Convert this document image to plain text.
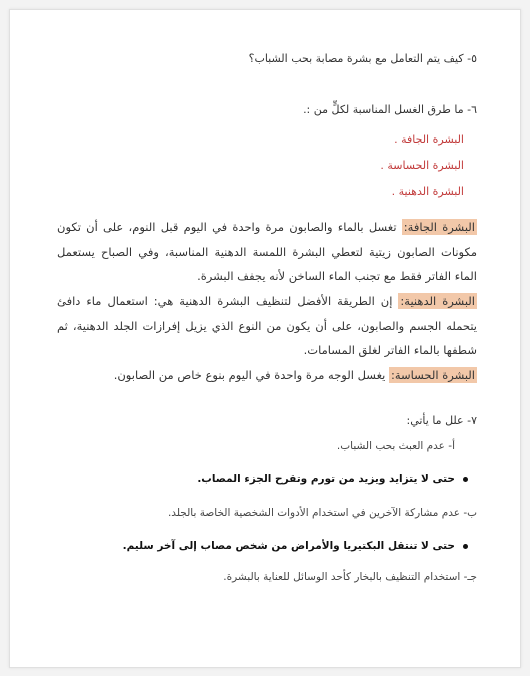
٥- كيف يتم التعامل مع بشرة مصابة بحب الشباب؟
٦- ما طرق الغسل المناسبة لكلٍّ من :.
البشرة الجافة .
البشرة الحساسة .
البشرة الدهنية .
البشرة الجافة: تغسل بالماء والصابون مرة واحدة في اليوم قبل النوم، على أن تكون مكونات الصابون زيتية لتعطي البشرة اللمسة الدهنية المناسبة، وفي الصباح يستعمل الماء الفاتر فقط مع تجنب الماء الساخن لأنه يجفف البشرة.
البشرة الدهنية: إن الطريقة الأفضل لتنظيف البشرة الدهنية هي: استعمال ماء دافئ يتحمله الجسم والصابون، على أن يكون من النوع الذي يزيل إفرازات الجلد الدهنية، ثم شطفها بالماء الفاتر لغلق المسامات.
البشرة الحساسة: يغسل الوجه مرة واحدة في اليوم بنوع خاص من الصابون.
٧- علل ما يأتي:
أ- عدم العبث بحب الشباب.
حتى لا يتزايد ويزيد من تورم وتقرح الجزء المصاب.
ب- عدم مشاركة الآخرين في استخدام الأدوات الشخصية الخاصة بالجلد.
حتى لا تنتقل البكتيريا والأمراض من شخص مصاب إلى آخر سليم.
جـ- استخدام التنظيف بالبخار كأحد الوسائل للعناية بالبشرة.
